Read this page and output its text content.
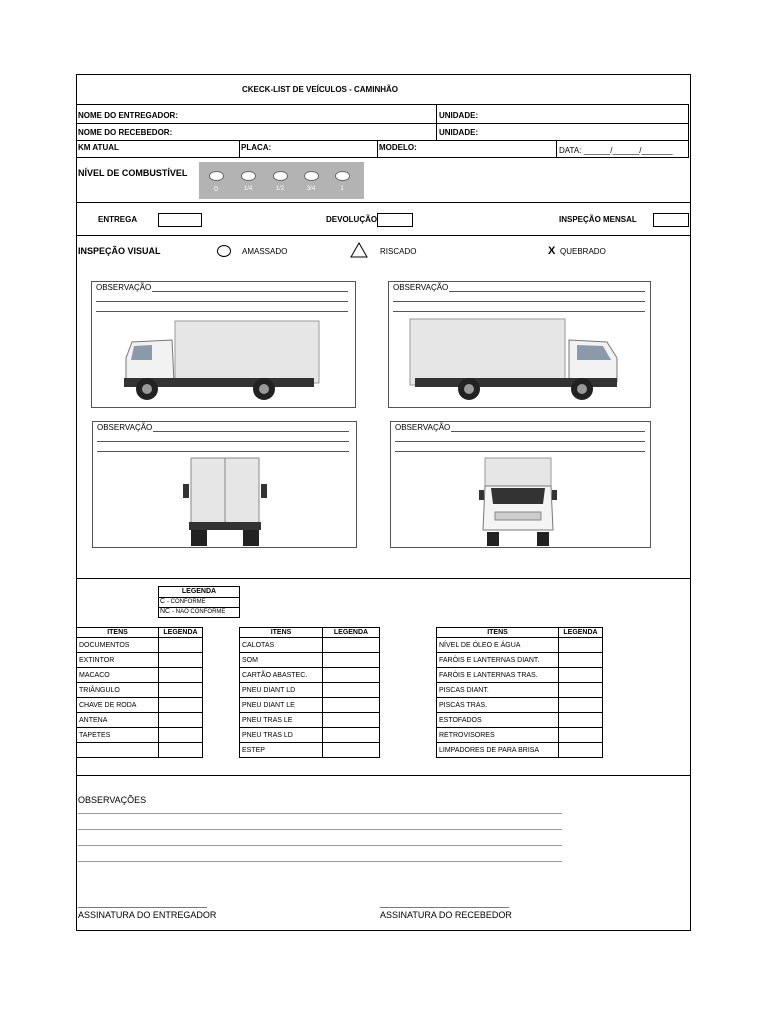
CKECK-LIST DE VEÍCULOS - CAMINHÃO
NOME DO ENTREGADOR:	UNIDADE:
NOME DO RECEBEDOR:	UNIDADE:
KM ATUAL	PLACA:	MODELO:	DATA: ______/______/_______
NÍVEL DE COMBUSTÍVEL
0	1/4	1/2	3/4	1
ENTREGA	DEVOLUÇÃO	INSPEÇÃO MENSAL
INSPEÇÃO VISUAL	AMASSADO	RISCADO	X QUEBRADO
OBSERVAÇÃO	OBSERVAÇÃO
OBSERVAÇÃO	OBSERVAÇÃO
LEGENDA
C - CONFORME
NC - NÃO CONFORME
ITENS	LEGENDA
DOCUMENTOS	
EXTINTOR	
MACACO	
TRIÂNGULO	
CHAVE DE RODA	
ANTENA	
TAPETES	

ITENS	LEGENDA
CALOTAS	
SOM	
CARTÃO ABASTEC.	
PNEU DIANT LD	
PNEU DIANT LE	
PNEU TRAS LE	
PNEU TRAS LD	
ESTEP	
ITENS	LEGENDA
NÍVEL DE ÓLEO E ÁGUA	
FARÓIS E LANTERNAS DIANT.	
FARÓIS E LANTERNAS TRAS.	
PISCAS DIANT.	
PISCAS TRAS.	
ESTOFADOS	
RETROVISORES	
LIMPADORES DE PARA BRISA	
OBSERVAÇÕES
_____________________________
ASSINATURA DO ENTREGADOR
_____________________________
ASSINATURA DO RECEBEDOR
